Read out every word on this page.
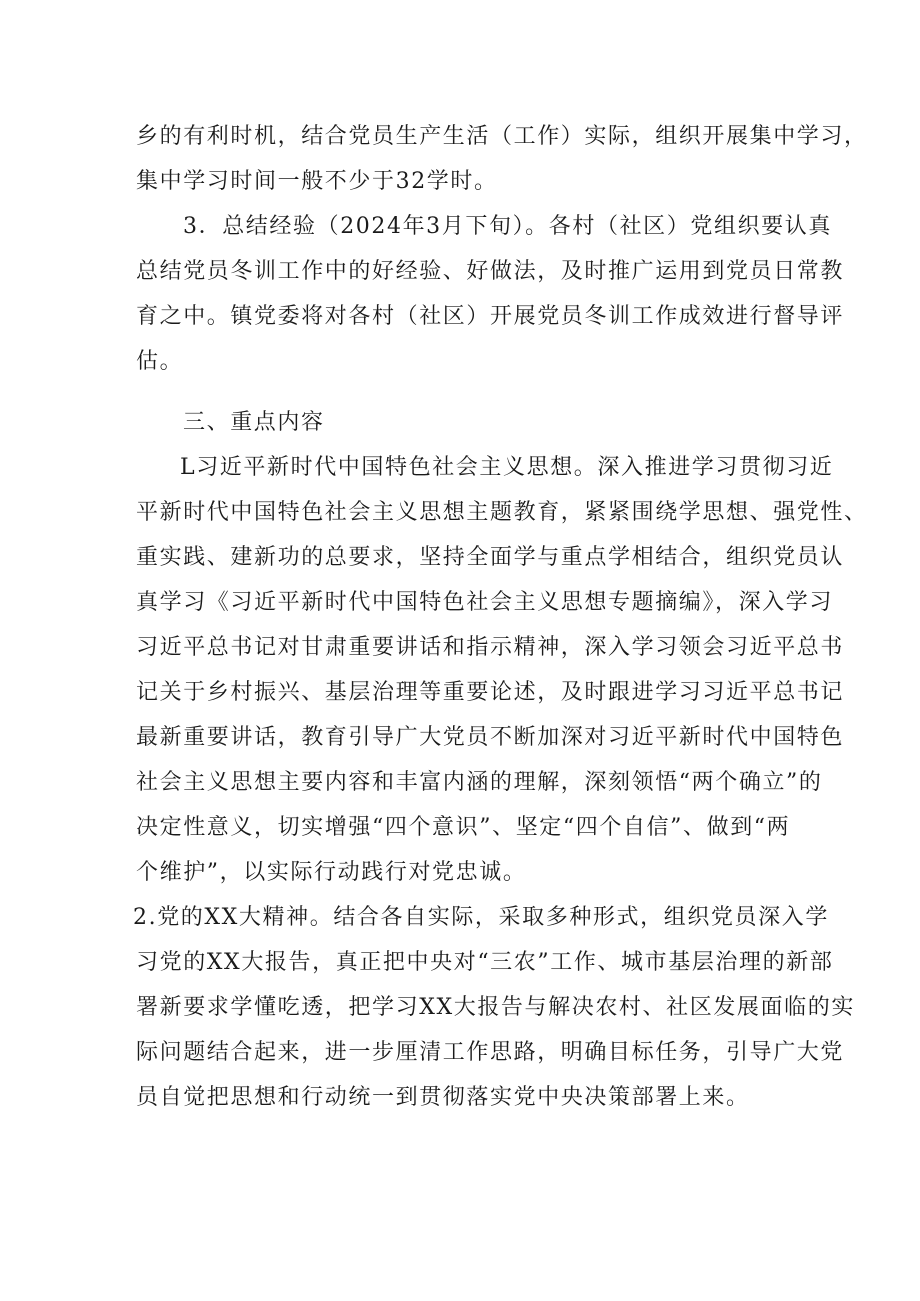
乡的有利时机，结合党员生产生活（工作）实际，组织开展集中学习，

集中学习时间一般不少于32学时。

3．总结经验（2024年3月下旬）。各村（社区）党组织要认真

总结党员冬训工作中的好经验、好做法，及时推广运用到党员日常教

育之中。镇党委将对各村（社区）开展党员冬训工作成效进行督导评

估。

三、重点内容

L习近平新时代中国特色社会主义思想。深入推进学习贯彻习近

平新时代中国特色社会主义思想主题教育，紧紧围绕学思想、强党性、

重实践、建新功的总要求，坚持全面学与重点学相结合，组织党员认

真学习《习近平新时代中国特色社会主义思想专题摘编》，深入学习

习近平总书记对甘肃重要讲话和指示精神，深入学习领会习近平总书

记关于乡村振兴、基层治理等重要论述，及时跟进学习习近平总书记

最新重要讲话，教育引导广大党员不断加深对习近平新时代中国特色

社会主义思想主要内容和丰富内涵的理解，深刻领悟“两个确立”的

决定性意义，切实增强“四个意识”、坚定“四个自信”、做到“两

个维护”，以实际行动践行对党忠诚。

2.党的XX大精神。结合各自实际，采取多种形式，组织党员深入学

习党的XX大报告，真正把中央对“三农”工作、城市基层治理的新部

署新要求学懂吃透，把学习XX大报告与解决农村、社区发展面临的实

际问题结合起来，进一步厘清工作思路，明确目标任务，引导广大党

员自觉把思想和行动统一到贯彻落实党中央决策部署上来。
